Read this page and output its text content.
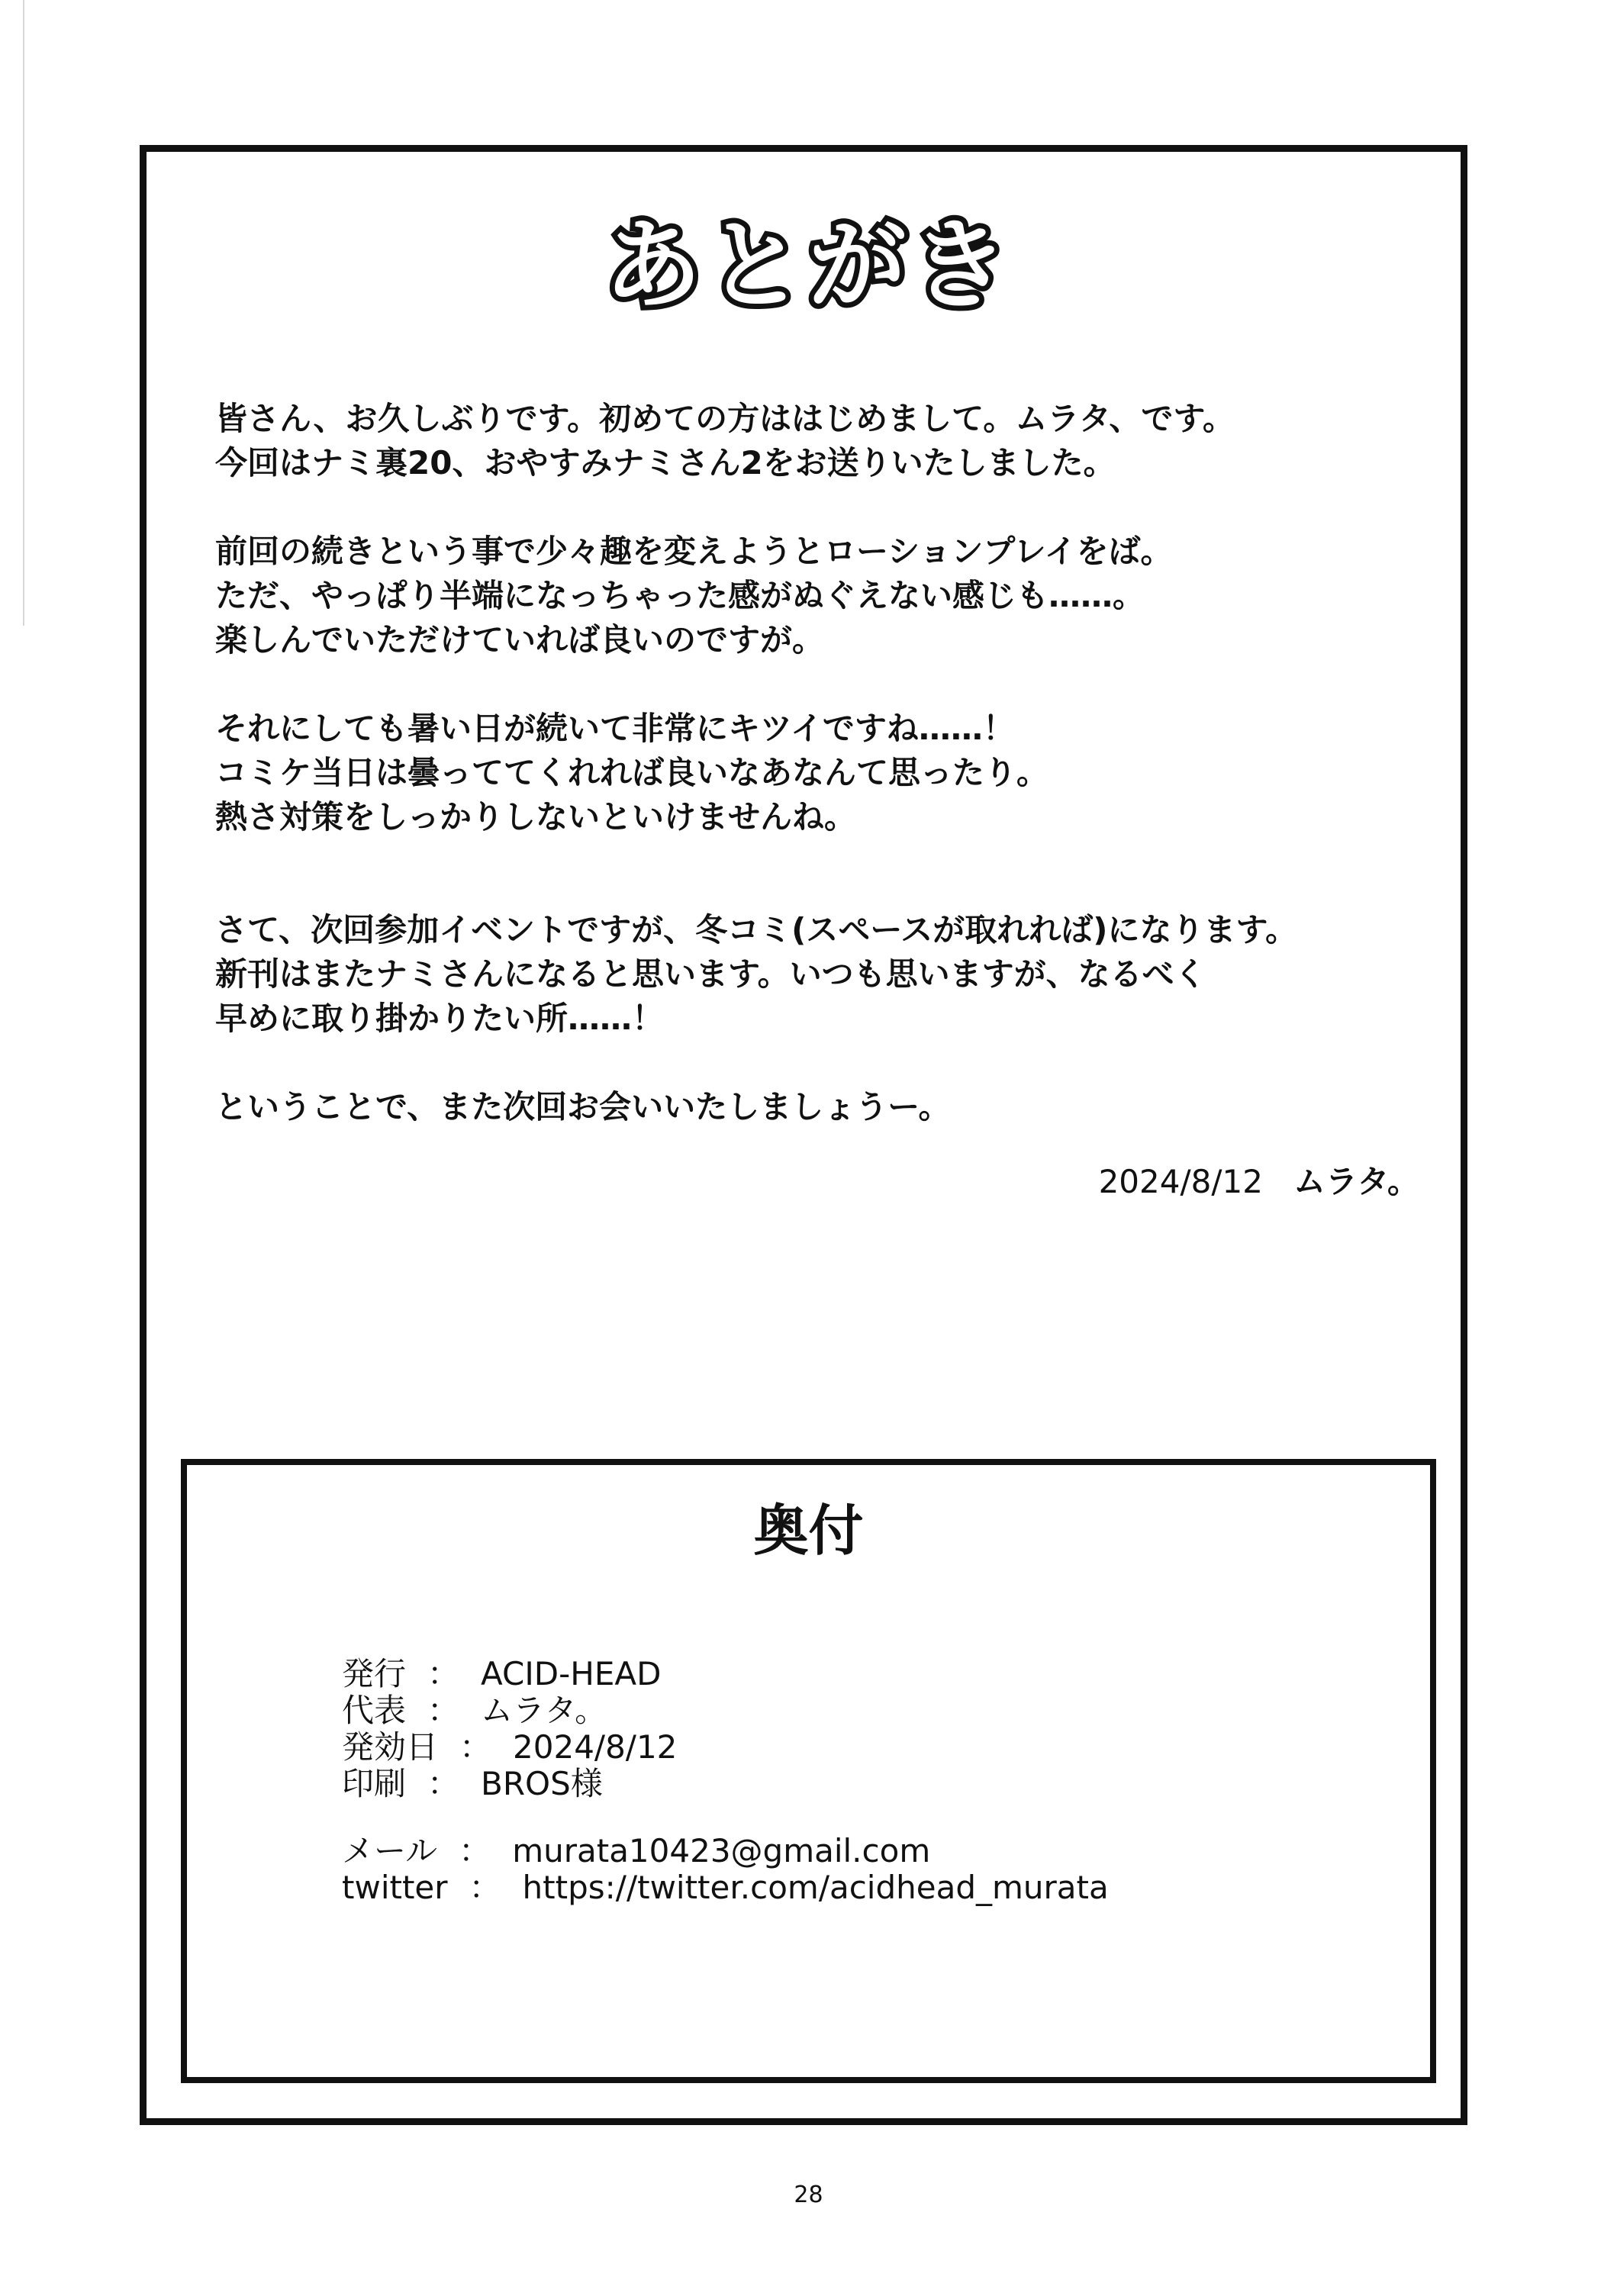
あとがき

皆さん、お久しぶりです。初めての方ははじめまして。ムラタ、です。

今回はナミ裏20、おやすみナミさん2をお送りいたしました。

前回の続きという事で少々趣を変えようとローションプレイをば。

ただ、やっぱり半端になっちゃった感がぬぐえない感じも……。

楽しんでいただけていれば良いのですが。

それにしても暑い日が続いて非常にキツイですね……！

コミケ当日は曇っててくれれば良いなあなんて思ったり。

熱さ対策をしっかりしないといけませんね。

さて、次回参加イベントですが、冬コミ(スペースが取れれば)になります。

新刊はまたナミさんになると思います。いつも思いますが、なるべく

早めに取り掛かりたい所……！

ということで、また次回お会いいたしましょうー。

2024/8/12 ムラタ。
奥付
発行 ： ACID-HEAD
代表 ： ムラタ。
発効日 ： 2024/8/12
印刷 ： BROS様
メール ： murata10423@gmail.com
twitter ： https://twitter.com/acidhead_murata
28
